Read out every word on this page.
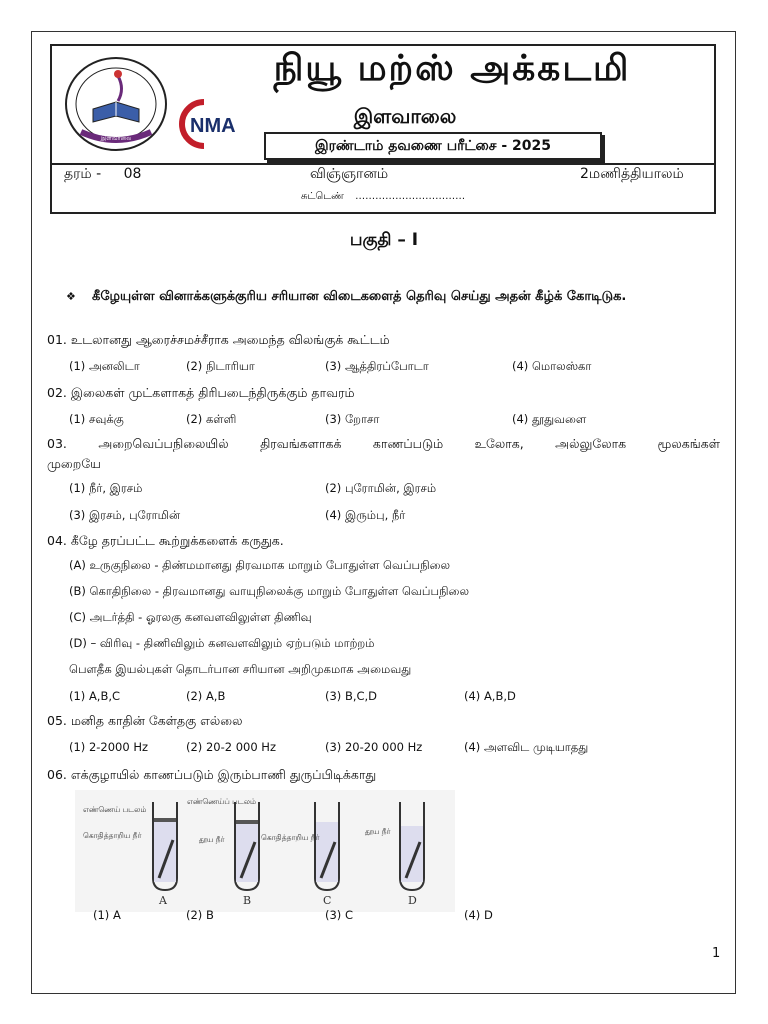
இளவாலை
NMA
நியூ மற்ஸ் அக்கடமி
இளவாலை
இரண்டாம் தவணை பரீட்சை - 2025
தரம் - 08	விஞ்ஞானம்	2மணித்தியாலம்
சுட்டெண் ……………………………
பகுதி – I
❖ கீழேயுள்ள வினாக்களுக்குரிய சரியான விடைகளைத் தெரிவு செய்து அதன் கீழ்க் கோடிடுக.
01. உடலானது ஆரைச்சமச்சீராக அமைந்த விலங்குக் கூட்டம்
(1) அனலிடா	(2) நிடாரியா	(3) ஆத்திரப்போடா	(4) மொலஸ்கா
02. இலைகள் முட்களாகத் திரிபடைந்திருக்கும் தாவரம்
(1) சவுக்கு	(2) கள்ளி	(3) றோசா	(4) தூதுவளை
03. அறைவெப்பநிலையில் திரவங்களாகக் காணப்படும் உலோக, அல்லுலோக மூலகங்கள்
முறையே
(1) நீர், இரசம்	(2) புரோமின், இரசம்
(3) இரசம், புரோமின்	(4) இரும்பு, நீர்
04. கீழே தரப்பட்ட கூற்றுக்களைக் கருதுக.
(A) உருகுநிலை - திண்மமானது திரவமாக மாறும் போதுள்ள வெப்பநிலை
(B) கொதிநிலை - திரவமானது வாயுநிலைக்கு மாறும் போதுள்ள வெப்பநிலை
(C) அடர்த்தி - ஓரலகு கனவளவிலுள்ள திணிவு
(D) – விரிவு - திணிவிலும் கனவளவிலும் ஏற்படும் மாற்றம்
பௌதீக இயல்புகள் தொடர்பான சரியான அறிமுகமாக அமைவது
(1) A,B,C	(2) A,B	(3) B,C,D	(4) A,B,D
05. மனித காதின் கேள்தகு எல்லை
(1) 2-2000 Hz	(2) 20-2 000 Hz	(3) 20-20 000 Hz	(4) அளவிட முடியாதது
06. எக்குழாயில் காணப்படும் இரும்பாணி துருப்பிடிக்காது
எண்ணெய் படலம்
கொதித்தாறிய நீர்
எண்ணெய்ப் படலம்
தூய நீர்	கொதித்தாறிய நீர்
தூய நீர்
A	B	C	D
(1) A	(2) B	(3) C	(4) D
1
